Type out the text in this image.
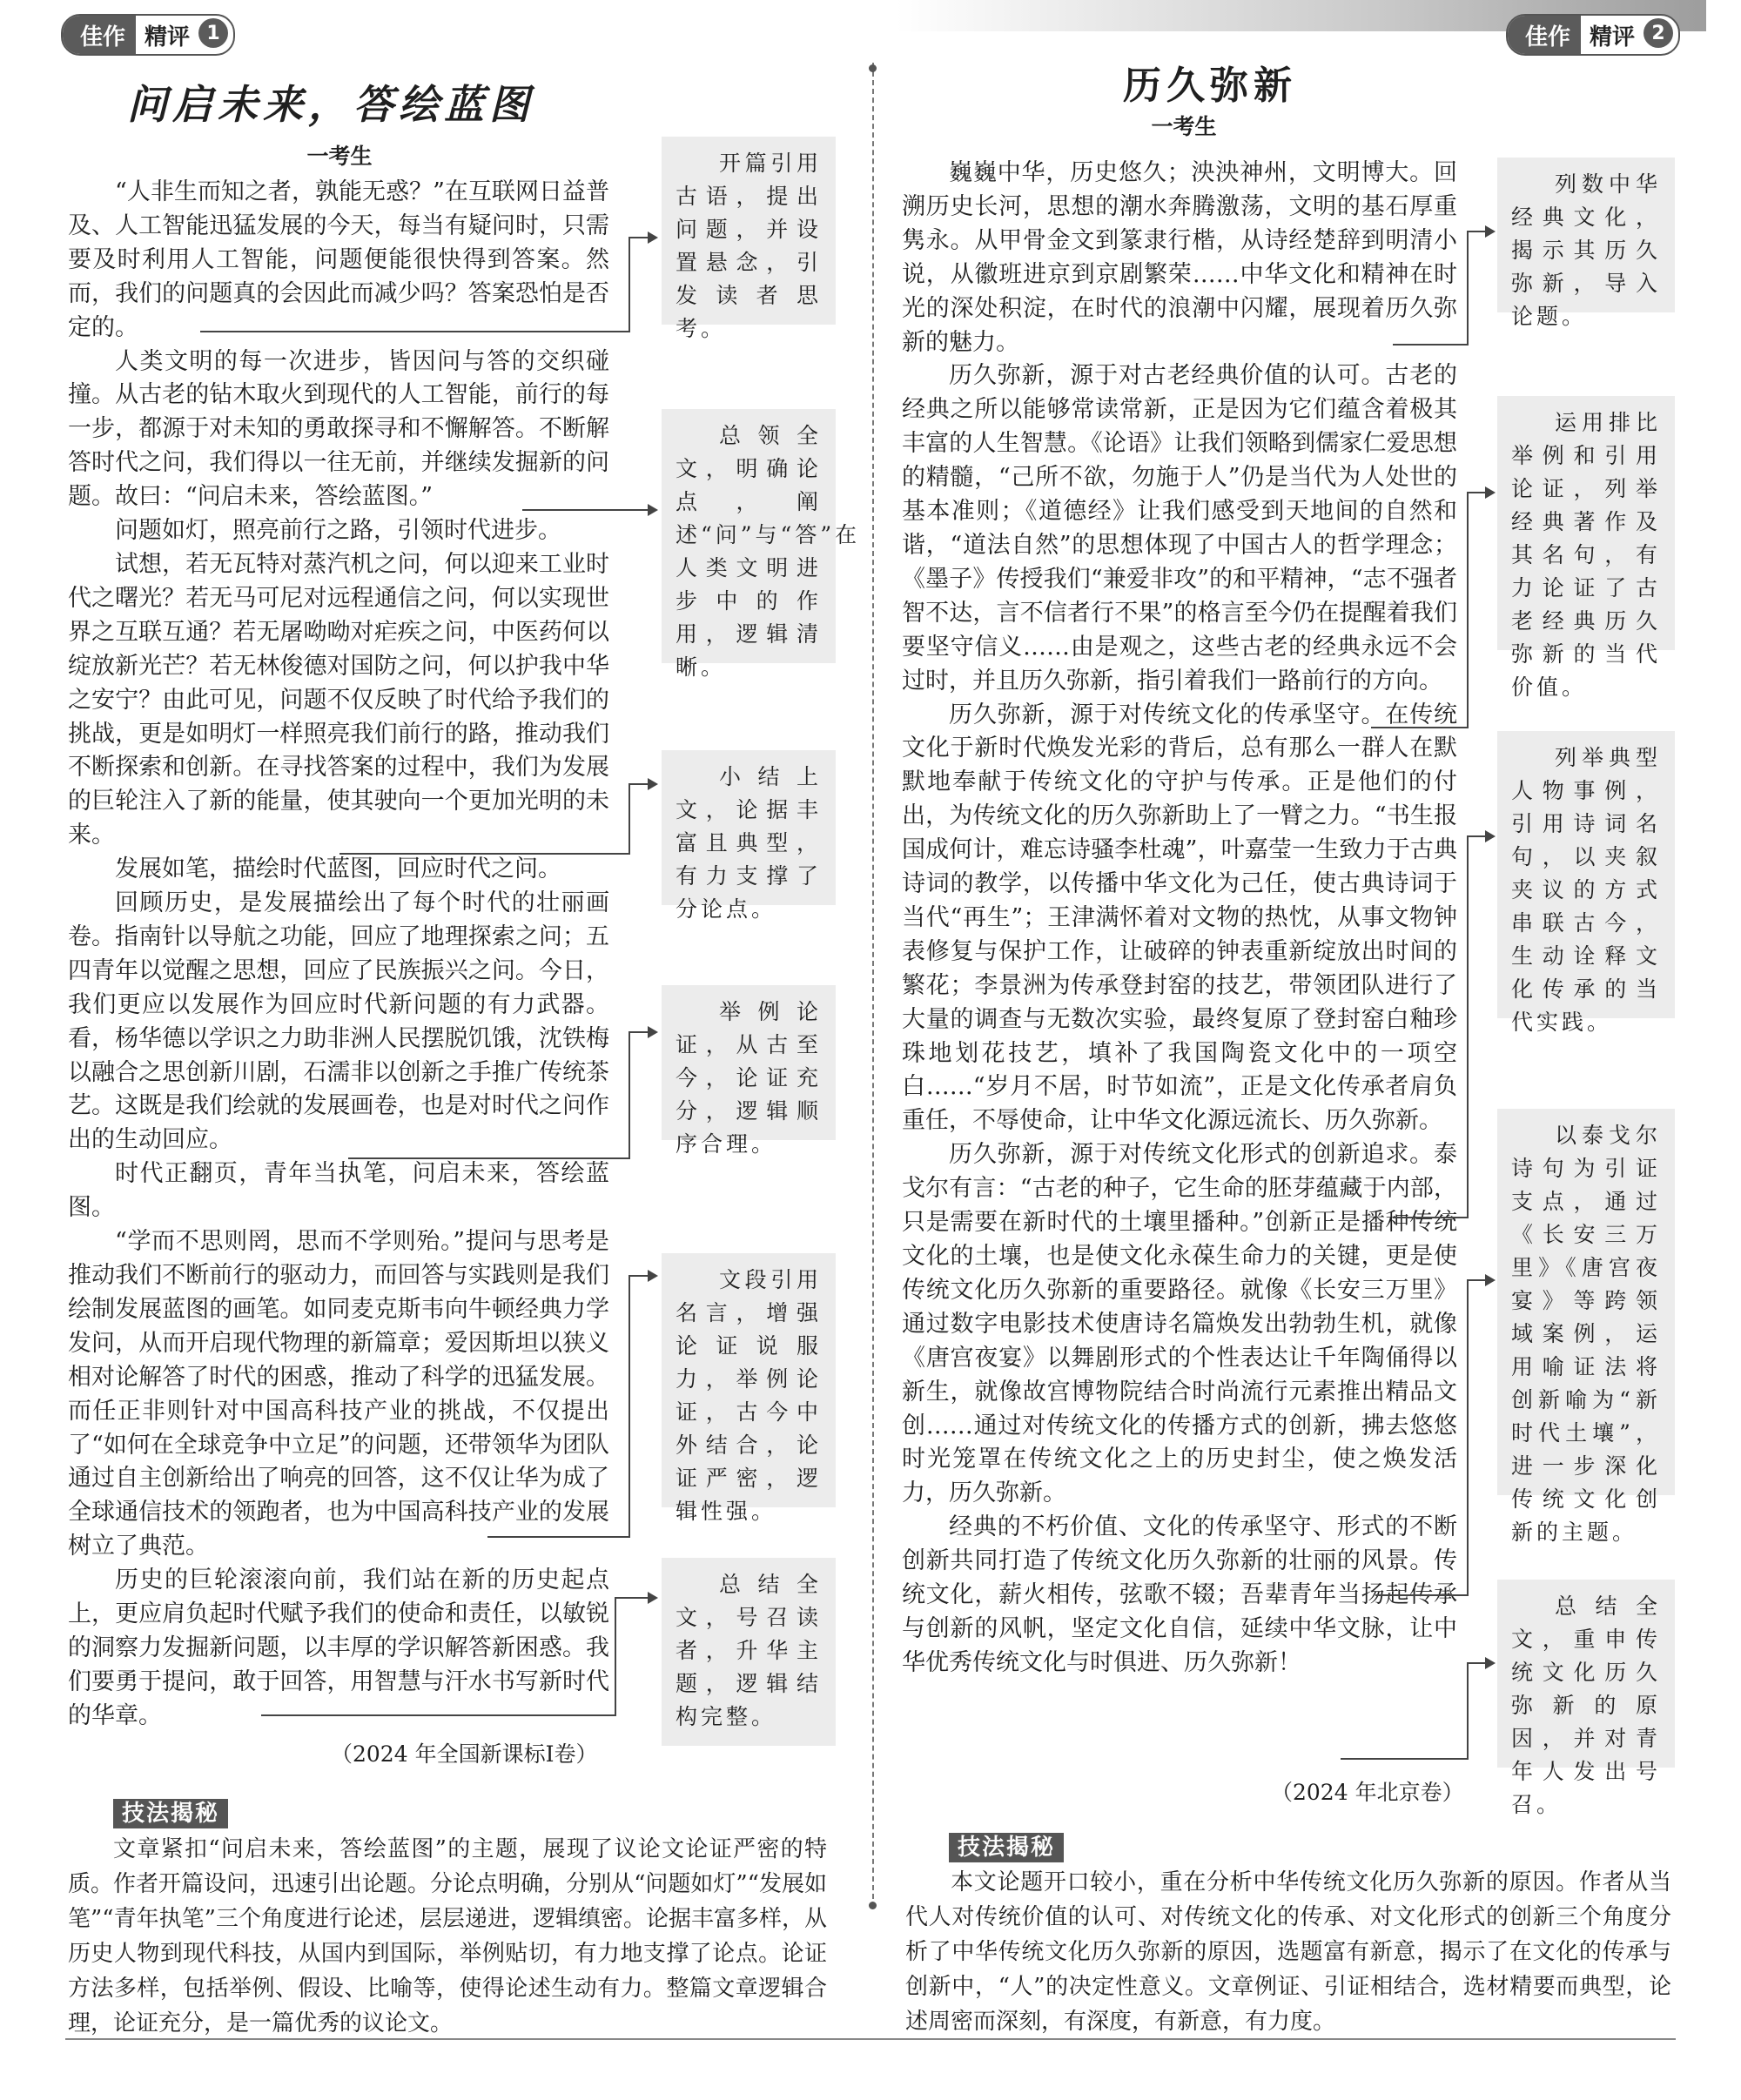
佳作 精评 1	佳作 精评 2
问启未来，答绘蓝图
一考生

“人非生而知之者，孰能无惑？”在互联网日益普及、人工智能迅猛发展的今天，每当有疑问时，只需要及时利用人工智能，问题便能很快得到答案。然而，我们的问题真的会因此而减少吗？答案恐怕是否定的。

人类文明的每一次进步，皆因问与答的交织碰撞。从古老的钻木取火到现代的人工智能，前行的每一步，都源于对未知的勇敢探寻和不懈解答。不断解答时代之问，我们得以一往无前，并继续发掘新的问题。故曰：“问启未来，答绘蓝图。”

问题如灯，照亮前行之路，引领时代进步。

试想，若无瓦特对蒸汽机之问，何以迎来工业时代之曙光？若无马可尼对远程通信之问，何以实现世界之互联互通？若无屠呦呦对疟疾之问，中医药何以绽放新光芒？若无林俊德对国防之问，何以护我中华之安宁？由此可见，问题不仅反映了时代给予我们的挑战，更是如明灯一样照亮我们前行的路，推动我们不断探索和创新。在寻找答案的过程中，我们为发展的巨轮注入了新的能量，使其驶向一个更加光明的未来。

发展如笔，描绘时代蓝图，回应时代之问。

回顾历史，是发展描绘出了每个时代的壮丽画卷。指南针以导航之功能，回应了地理探索之问；五四青年以觉醒之思想，回应了民族振兴之问。今日，我们更应以发展作为回应时代新问题的有力武器。看，杨华德以学识之力助非洲人民摆脱饥饿，沈铁梅以融合之思创新川剧，石濡非以创新之手推广传统茶艺。这既是我们绘就的发展画卷，也是对时代之问作出的生动回应。

时代正翻页，青年当执笔，问启未来，答绘蓝图。

“学而不思则罔，思而不学则殆。”提问与思考是推动我们不断前行的驱动力，而回答与实践则是我们绘制发展蓝图的画笔。如同麦克斯韦向牛顿经典力学发问，从而开启现代物理的新篇章；爱因斯坦以狭义相对论解答了时代的困惑，推动了科学的迅猛发展。而任正非则针对中国高科技产业的挑战，不仅提出了“如何在全球竞争中立足”的问题，还带领华为团队通过自主创新给出了响亮的回答，这不仅让华为成了全球通信技术的领跑者，也为中国高科技产业的发展树立了典范。

历史的巨轮滚滚向前，我们站在新的历史起点上，更应肩负起时代赋予我们的使命和责任，以敏锐的洞察力发掘新问题，以丰厚的学识解答新困惑。我们要勇于提问，敢于回答，用智慧与汗水书写新时代的华章。

（2024 年全国新课标Ⅰ卷）
开篇引用古语，提出问题，并设置悬念，引发读者思考。
总领全文，明确论点，阐述“问”与“答”在人类文明进步中的作用，逻辑清晰。
小结上文，论据丰富且典型，有力支撑了分论点。
举例论证，从古至今，论证充分，逻辑顺序合理。
文段引用名言，增强论证说服力，举例论证，古今中外结合，论证严密，逻辑性强。
总结全文，号召读者，升华主题，逻辑结构完整。
历久弥新
一考生

巍巍中华，历史悠久；泱泱神州，文明博大。回溯历史长河，思想的潮水奔腾激荡，文明的基石厚重隽永。从甲骨金文到篆隶行楷，从诗经楚辞到明清小说，从徽班进京到京剧繁荣……中华文化和精神在时光的深处积淀，在时代的浪潮中闪耀，展现着历久弥新的魅力。

历久弥新，源于对古老经典价值的认可。古老的经典之所以能够常读常新，正是因为它们蕴含着极其丰富的人生智慧。《论语》让我们领略到儒家仁爱思想的精髓，“己所不欲，勿施于人”仍是当代为人处世的基本准则；《道德经》让我们感受到天地间的自然和谐，“道法自然”的思想体现了中国古人的哲学理念；《墨子》传授我们“兼爱非攻”的和平精神，“志不强者智不达，言不信者行不果”的格言至今仍在提醒着我们要坚守信义……由是观之，这些古老的经典永远不会过时，并且历久弥新，指引着我们一路前行的方向。

历久弥新，源于对传统文化的传承坚守。在传统文化于新时代焕发光彩的背后，总有那么一群人在默默地奉献于传统文化的守护与传承。正是他们的付出，为传统文化的历久弥新助上了一臂之力。“书生报国成何计，难忘诗骚李杜魂”，叶嘉莹一生致力于古典诗词的教学，以传播中华文化为己任，使古典诗词于当代“再生”；王津满怀着对文物的热忱，从事文物钟表修复与保护工作，让破碎的钟表重新绽放出时间的繁花；李景洲为传承登封窑的技艺，带领团队进行了大量的调查与无数次实验，最终复原了登封窑白釉珍珠地划花技艺，填补了我国陶瓷文化中的一项空白……“岁月不居，时节如流”，正是文化传承者肩负重任，不辱使命，让中华文化源远流长、历久弥新。

历久弥新，源于对传统文化形式的创新追求。泰戈尔有言：“古老的种子，它生命的胚芽蕴藏于内部，只是需要在新时代的土壤里播种。”创新正是播种传统文化的土壤，也是使文化永葆生命力的关键，更是使传统文化历久弥新的重要路径。就像《长安三万里》通过数字电影技术使唐诗名篇焕发出勃勃生机，就像《唐宫夜宴》以舞剧形式的个性表达让千年陶俑得以新生，就像故宫博物院结合时尚流行元素推出精品文创……通过对传统文化的传播方式的创新，拂去悠悠时光笼罩在传统文化之上的历史封尘，使之焕发活力，历久弥新。

经典的不朽价值、文化的传承坚守、形式的不断创新共同打造了传统文化历久弥新的壮丽的风景。传统文化，薪火相传，弦歌不辍；吾辈青年当扬起传承与创新的风帆，坚定文化自信，延续中华文脉，让中华优秀传统文化与时俱进、历久弥新！

（2024 年北京卷）
列数中华经典文化，揭示其历久弥新，导入论题。
运用排比举例和引用论证，列举经典著作及其名句，有力论证了古老经典历久弥新的当代价值。
列举典型人物事例，引用诗词名句，以夹叙夹议的方式串联古今，生动诠释文化传承的当代实践。
以泰戈尔诗句为引证支点，通过《长安三万里》《唐宫夜宴》等跨领域案例，运用喻证法将创新喻为“新时代土壤”，进一步深化传统文化创新的主题。
总结全文，重申传统文化历久弥新的原因，并对青年人发出号召。
技法揭秘
文章紧扣“问启未来，答绘蓝图”的主题，展现了议论文论证严密的特质。作者开篇设问，迅速引出论题。分论点明确，分别从“问题如灯”“发展如笔”“青年执笔”三个角度进行论述，层层递进，逻辑缜密。论据丰富多样，从历史人物到现代科技，从国内到国际，举例贴切，有力地支撑了论点。论证方法多样，包括举例、假设、比喻等，使得论述生动有力。整篇文章逻辑合理，论证充分，是一篇优秀的议论文。
技法揭秘
本文论题开口较小，重在分析中华传统文化历久弥新的原因。作者从当代人对传统价值的认可、对传统文化的传承、对文化形式的创新三个角度分析了中华传统文化历久弥新的原因，选题富有新意，揭示了在文化的传承与创新中，“人”的决定性意义。文章例证、引证相结合，选材精要而典型，论述周密而深刻，有深度，有新意，有力度。
